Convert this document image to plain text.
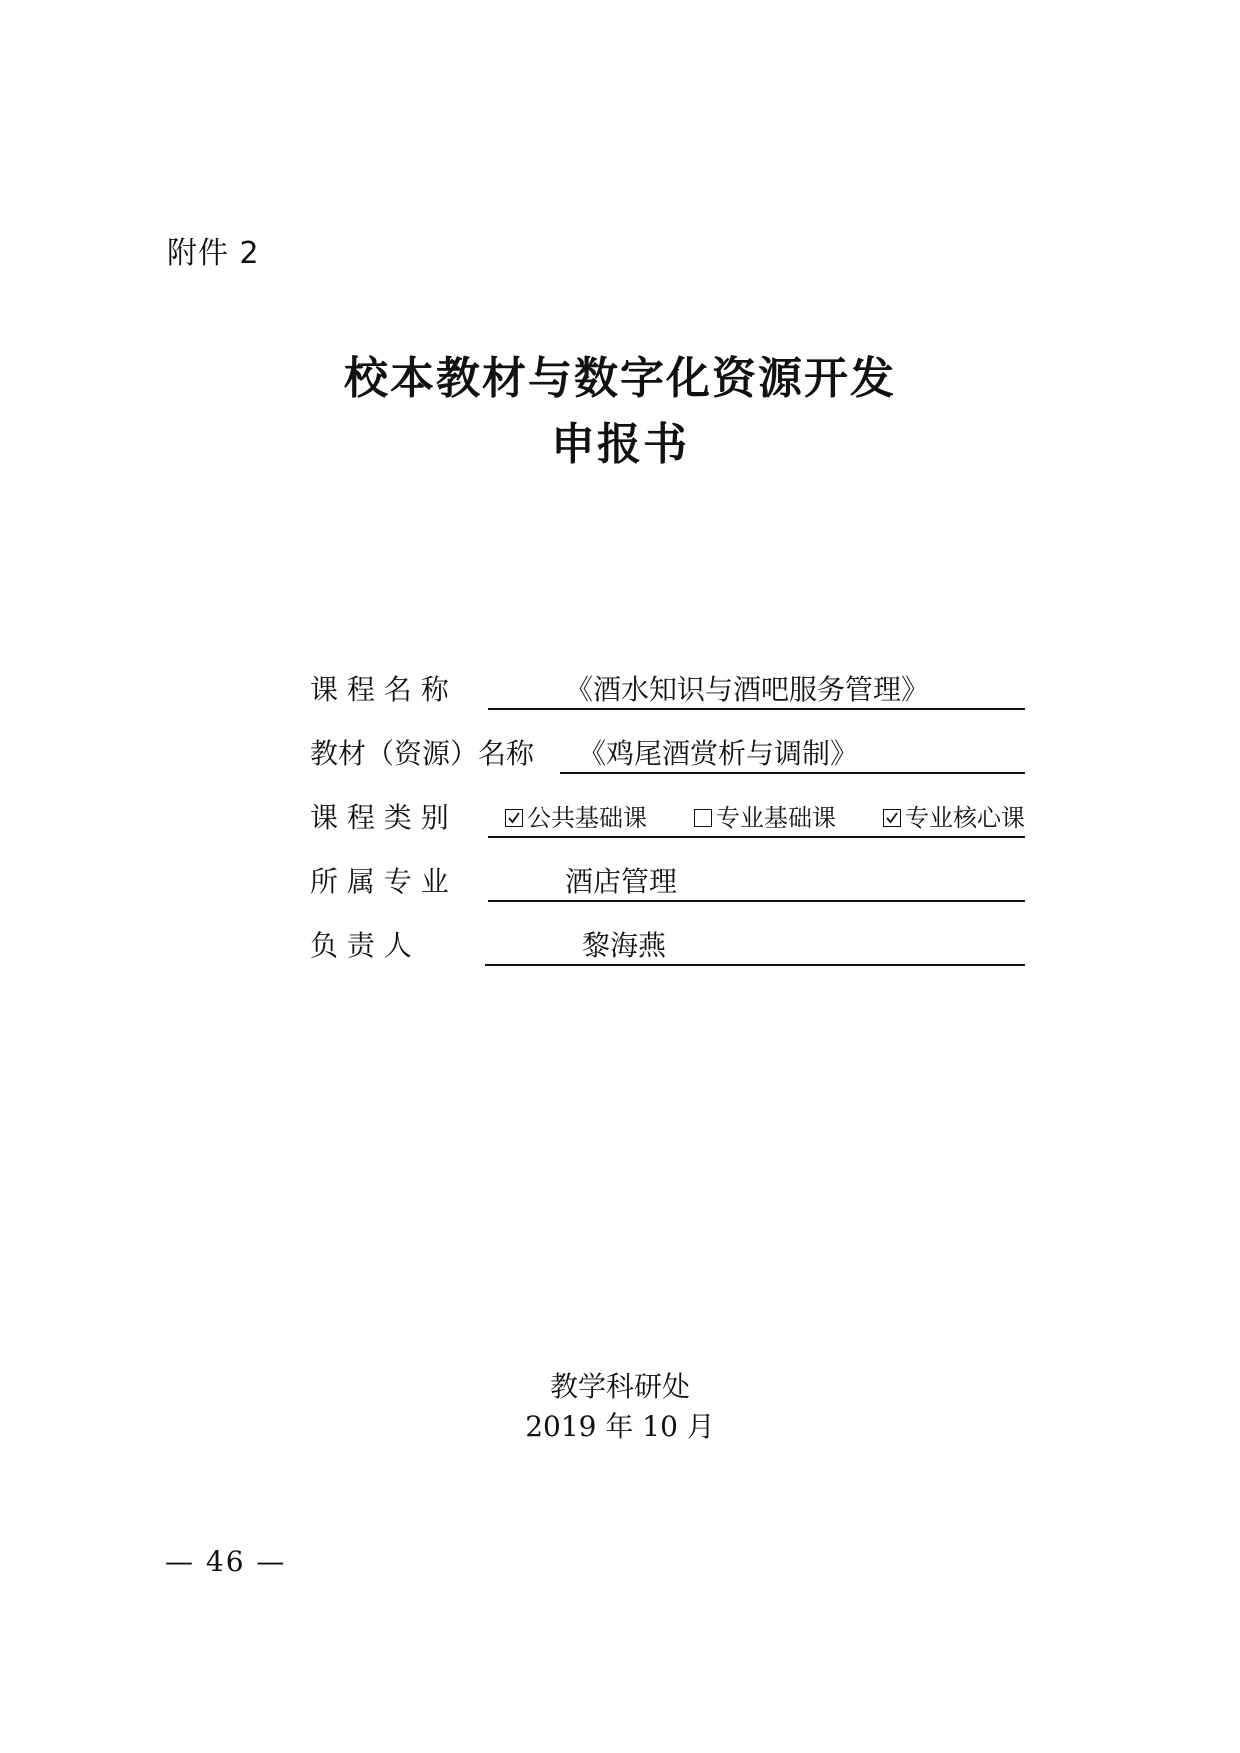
附件 2
校本教材与数字化资源开发
申报书
课 程 名 称	《酒水知识与酒吧服务管理》
教材（资源）名称 《鸡尾酒赏析与调制》
课 程 类 别	公共基础课	专业基础课	专业核心课
所 属 专 业	酒店管理
负 责 人	黎海燕
教学科研处
2019 年 10 月
— 46 —
